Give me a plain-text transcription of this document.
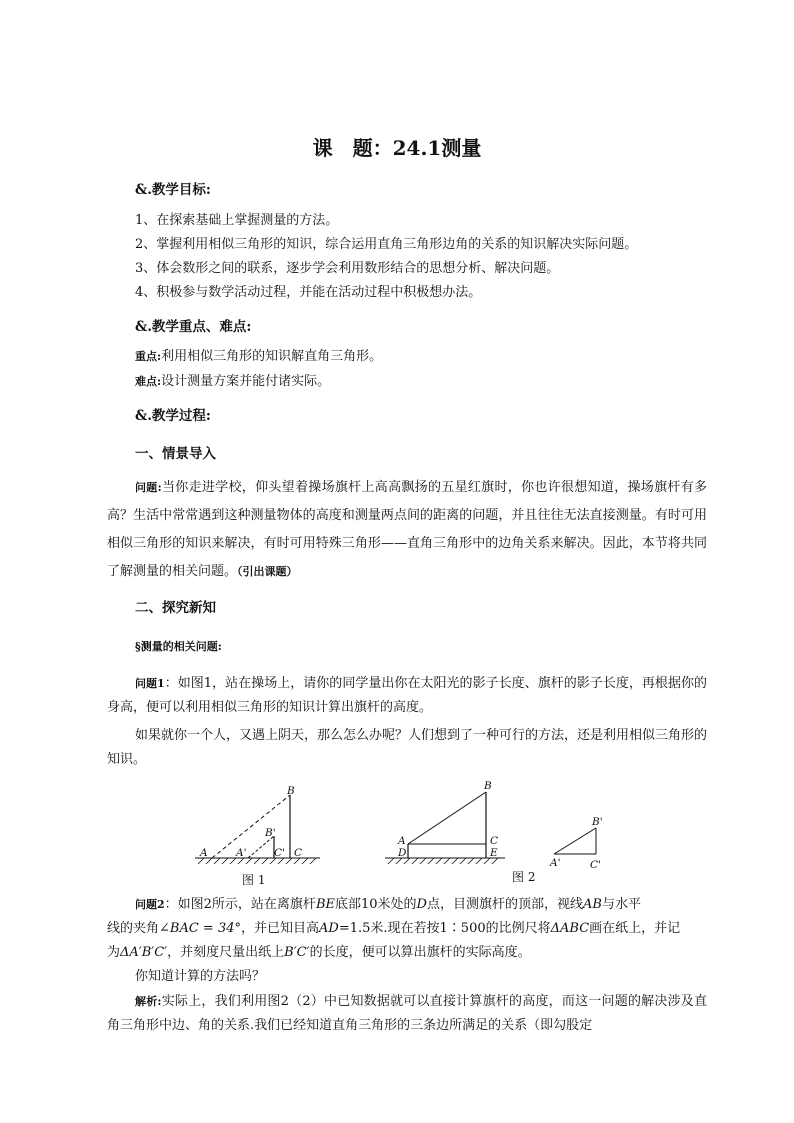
课　题：24.1测量
&.教学目标:
1、在探索基础上掌握测量的方法。
2、掌握利用相似三角形的知识，综合运用直角三角形边角的关系的知识解决实际问题。
3、体会数形之间的联系，逐步学会利用数形结合的思想分析、解决问题。
4、积极参与数学活动过程，并能在活动过程中积极想办法。
&.教学重点、难点:
重点:利用相似三角形的知识解直角三角形。
难点:设计测量方案并能付诸实际。
&.教学过程:
一、情景导入
问题:当你走进学校，仰头望着操场旗杆上高高飘扬的五星红旗时，你也许很想知道，操场旗杆有多高？生活中常常遇到这种测量物体的高度和测量两点间的距离的问题，并且往往无法直接测量。有时可用相似三角形的知识来解决，有时可用特殊三角形——直角三角形中的边角关系来解决。因此，本节将共同了解测量的相关问题。（引出课题）
二、探究新知
§测量的相关问题:
问题1：如图1，站在操场上，请你的同学量出你在太阳光的影子长度、旗杆的影子长度，再根据你的身高，便可以利用相似三角形的知识计算出旗杆的高度。
如果就你一个人，又遇上阴天，那么怎么办呢？人们想到了一种可行的方法，还是利用相似三角形的知识。
A	A'
B'
C' C
B
图 1
A
D
B
C
E
B'
A'	C'
图 2
问题2：如图2所示，站在离旗杆BE底部10米处的D点，目测旗杆的顶部，视线AB与水平
线的夹角∠BAC = 34°，并已知目高AD=1.5米.现在若按1∶500的比例尺将ΔABC画在纸上，并记
为ΔA′B′C′，并刻度尺量出纸上B′C′的长度，便可以算出旗杆的实际高度。
你知道计算的方法吗？
解析:实际上，我们利用图2（2）中已知数据就可以直接计算旗杆的高度，而这一问题的解决涉及直角三角形中边、角的关系.我们已经知道直角三角形的三条边所满足的关系（即勾股定
